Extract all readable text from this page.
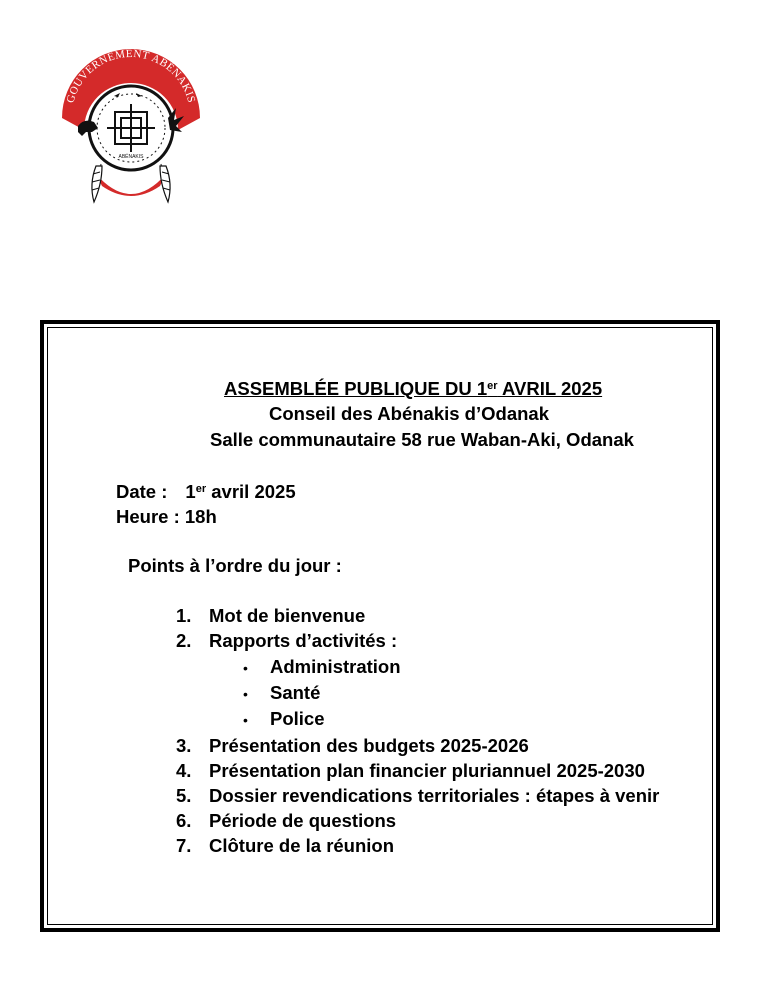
GOUVERNEMENT ABÉNAKIS
D'ODANAK
ABÉNAKIS
ASSEMBLÉE PUBLIQUE DU 1er AVRIL 2025
Conseil des Abénakis d’Odanak
Salle communautaire 58 rue Waban-Aki, Odanak
Date : 1er avril 2025
Heure : 18h
Points à l’ordre du jour :
1. Mot de bienvenue
2. Rapports d’activités :
• Administration
• Santé
• Police
3. Présentation des budgets 2025-2026
4. Présentation plan financier pluriannuel 2025-2030
5. Dossier revendications territoriales : étapes à venir
6. Période de questions
7. Clôture de la réunion
